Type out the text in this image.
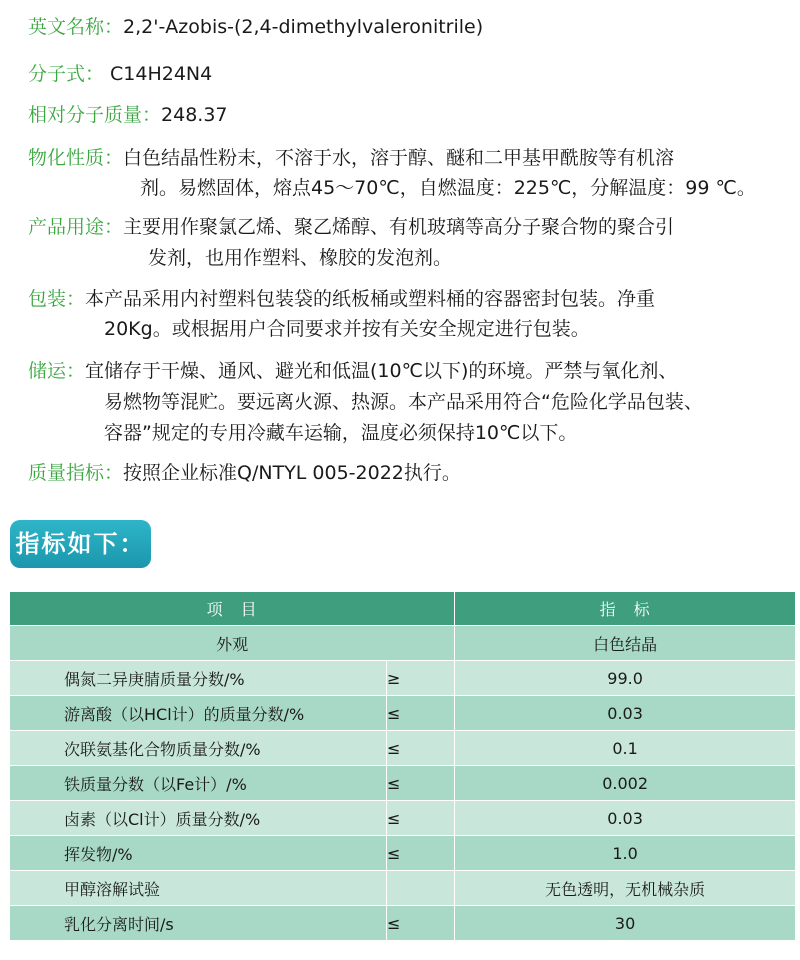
英文名称：2,2'-Azobis-(2,4-dimethylvaleronitrile)
分子式： C14H24N4
相对分子质量：248.37
物化性质：白色结晶性粉末，不溶于水，溶于醇、醚和二甲基甲酰胺等有机溶
剂。易燃固体，熔点45～70℃，自燃温度：225℃，分解温度：99 ℃。
产品用途：主要用作聚氯乙烯、聚乙烯醇、有机玻璃等高分子聚合物的聚合引
发剂，也用作塑料、橡胶的发泡剂。
包装：本产品采用内衬塑料包装袋的纸板桶或塑料桶的容器密封包装。净重
20Kg。或根据用户合同要求并按有关安全规定进行包装。
储运：宜储存于干燥、通风、避光和低温(10℃以下)的环境。严禁与氧化剂、
易燃物等混贮。要远离火源、热源。本产品采用符合“危险化学品包装、
容器”规定的专用冷藏车运输，温度必须保持10℃以下。
质量指标：按照企业标准Q/NTYL 005-2022执行。
指标如下：
项　目		指　标
外观		白色结晶
偶氮二异庚腈质量分数/%	≥	99.0
游离酸（以HCl计）的质量分数/%	≤	0.03
次联氨基化合物质量分数/%	≤	0.1
铁质量分数（以Fe计）/%	≤	0.002
卤素（以Cl计）质量分数/%	≤	0.03
挥发物/%	≤	1.0
甲醇溶解试验		无色透明，无机械杂质
乳化分离时间/s	≤	30
